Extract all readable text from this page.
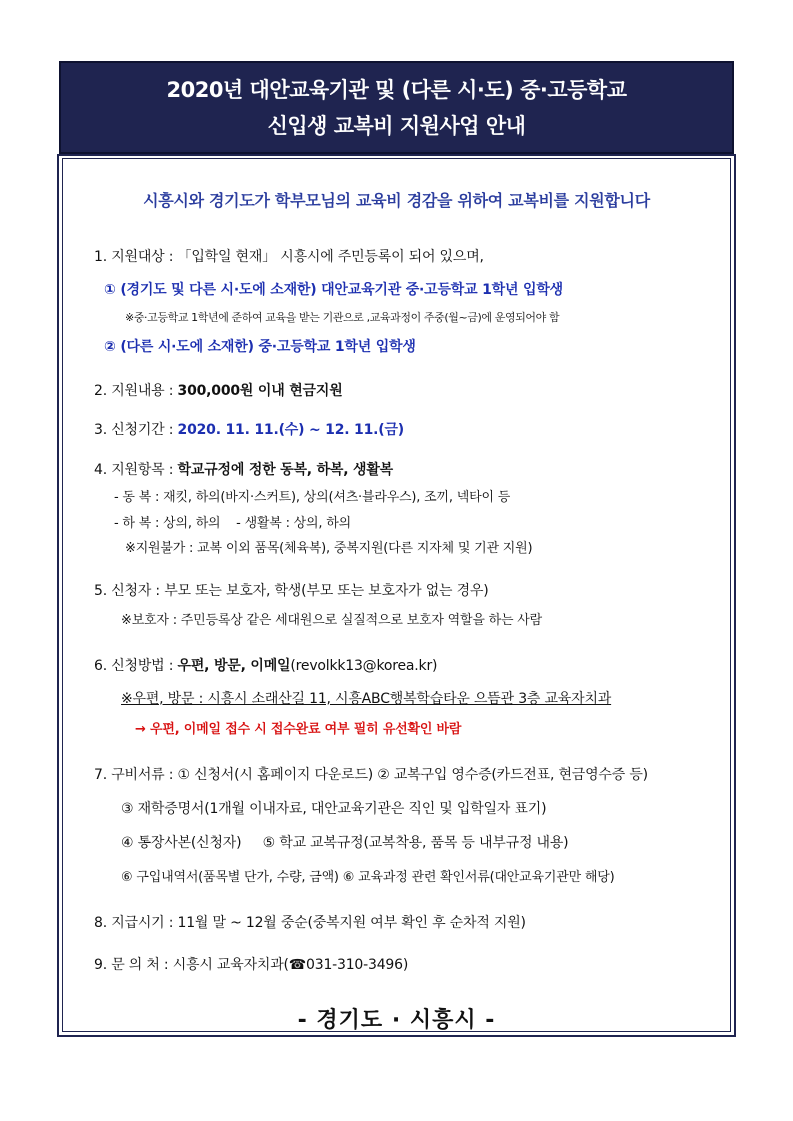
2020년 대안교육기관 및 (다른 시·도) 중·고등학교
신입생 교복비 지원사업 안내
시흥시와 경기도가 학부모님의 교육비 경감을 위하여 교복비를 지원합니다
1. 지원대상 : 「입학일 현재」 시흥시에 주민등록이 되어 있으며,
① (경기도 및 다른 시·도에 소재한) 대안교육기관 중·고등학교 1학년 입학생
※중·고등학교 1학년에 준하여 교육을 받는 기관으로 ,교육과정이 주중(월~금)에 운영되어야 함
② (다른 시·도에 소재한) 중·고등학교 1학년 입학생
2. 지원내용 : 300,000원 이내 현금지원
3. 신청기간 : 2020. 11. 11.(수) ~ 12. 11.(금)
4. 지원항목 : 학교규정에 정한 동복, 하복, 생활복
- 동 복 : 재킷, 하의(바지·스커트), 상의(셔츠·블라우스), 조끼, 넥타이 등
- 하 복 : 상의, 하의    - 생활복 : 상의, 하의
※지원불가 : 교복 이외 품목(체육복), 중복지원(다른 지자체 및 기관 지원)
5. 신청자 : 부모 또는 보호자, 학생(부모 또는 보호자가 없는 경우)
※보호자 : 주민등록상 같은 세대원으로 실질적으로 보호자 역할을 하는 사람
6. 신청방법 : 우편, 방문, 이메일(revolkk13@korea.kr)
※우편, 방문 : 시흥시 소래산길 11, 시흥ABC행복학습타운 으뜸관 3층 교육자치과
→ 우편, 이메일 접수 시 접수완료 여부 필히 유선확인 바람
7. 구비서류 : ① 신청서(시 홈페이지 다운로드) ② 교복구입 영수증(카드전표, 현금영수증 등)
③ 재학증명서(1개월 이내자료, 대안교육기관은 직인 및 입학일자 표기)
④ 통장사본(신청자)     ⑤ 학교 교복규정(교복착용, 품목 등 내부규정 내용)
⑥ 구입내역서(품목별 단가, 수량, 금액) ⑥ 교육과정 관련 확인서류(대안교육기관만 해당)
8. 지급시기 : 11월 말 ~ 12월 중순(중복지원 여부 확인 후 순차적 지원)
9. 문 의 처 : 시흥시 교육자치과(☎031-310-3496)
- 경기도 · 시흥시 -
